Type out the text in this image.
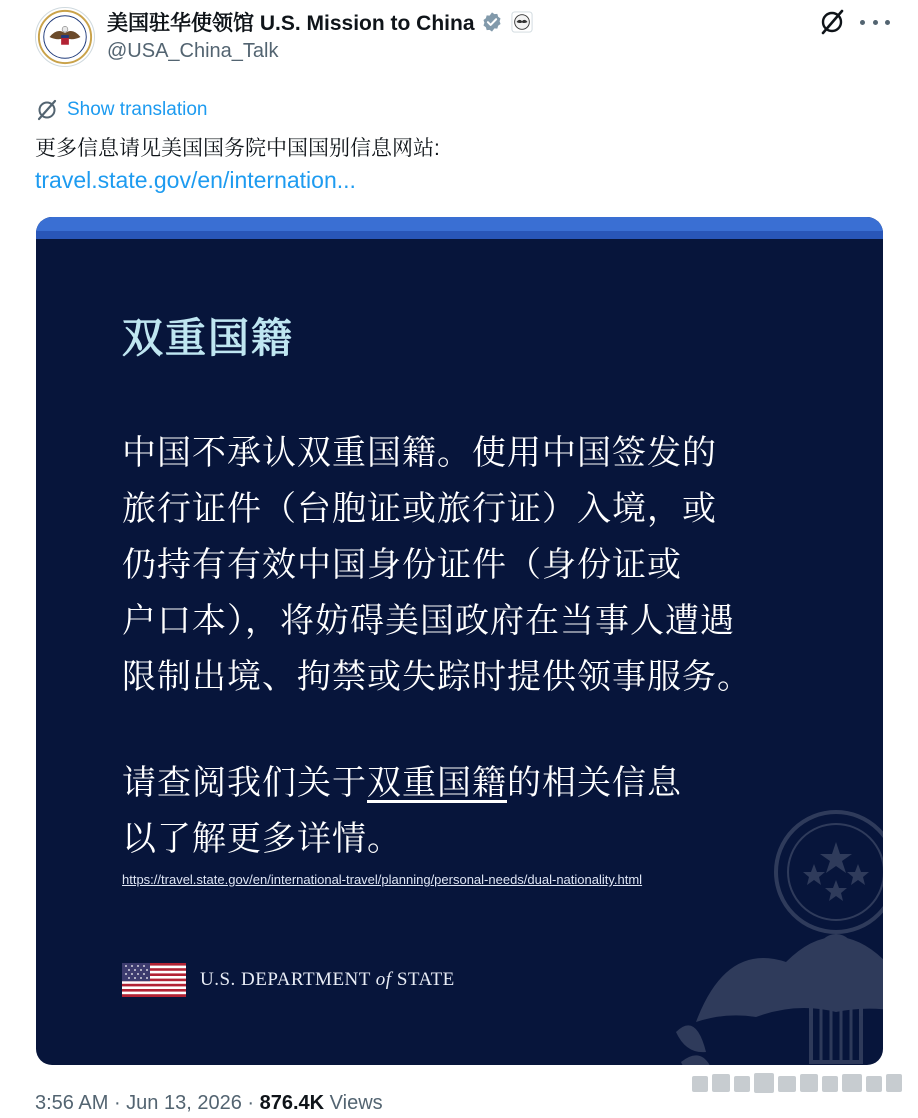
美国驻华使领馆 U.S. Mission to China
@USA_China_Talk
Show translation
更多信息请见美国国务院中国国别信息网站:
travel.state.gov/en/internation...
双重国籍
中国不承认双重国籍。使用中国签发的
旅行证件（台胞证或旅行证）入境，或
仍持有有效中国身份证件（身份证或
户口本），将妨碍美国政府在当事人遭遇
限制出境、拘禁或失踪时提供领事服务。
请查阅我们关于双重国籍的相关信息
以了解更多详情。
https://travel.state.gov/en/international-travel/planning/personal-needs/dual-nationality.html
U.S. DEPARTMENT of STATE
3:56 AM · Jun 13, 2026 · 876.4K Views
